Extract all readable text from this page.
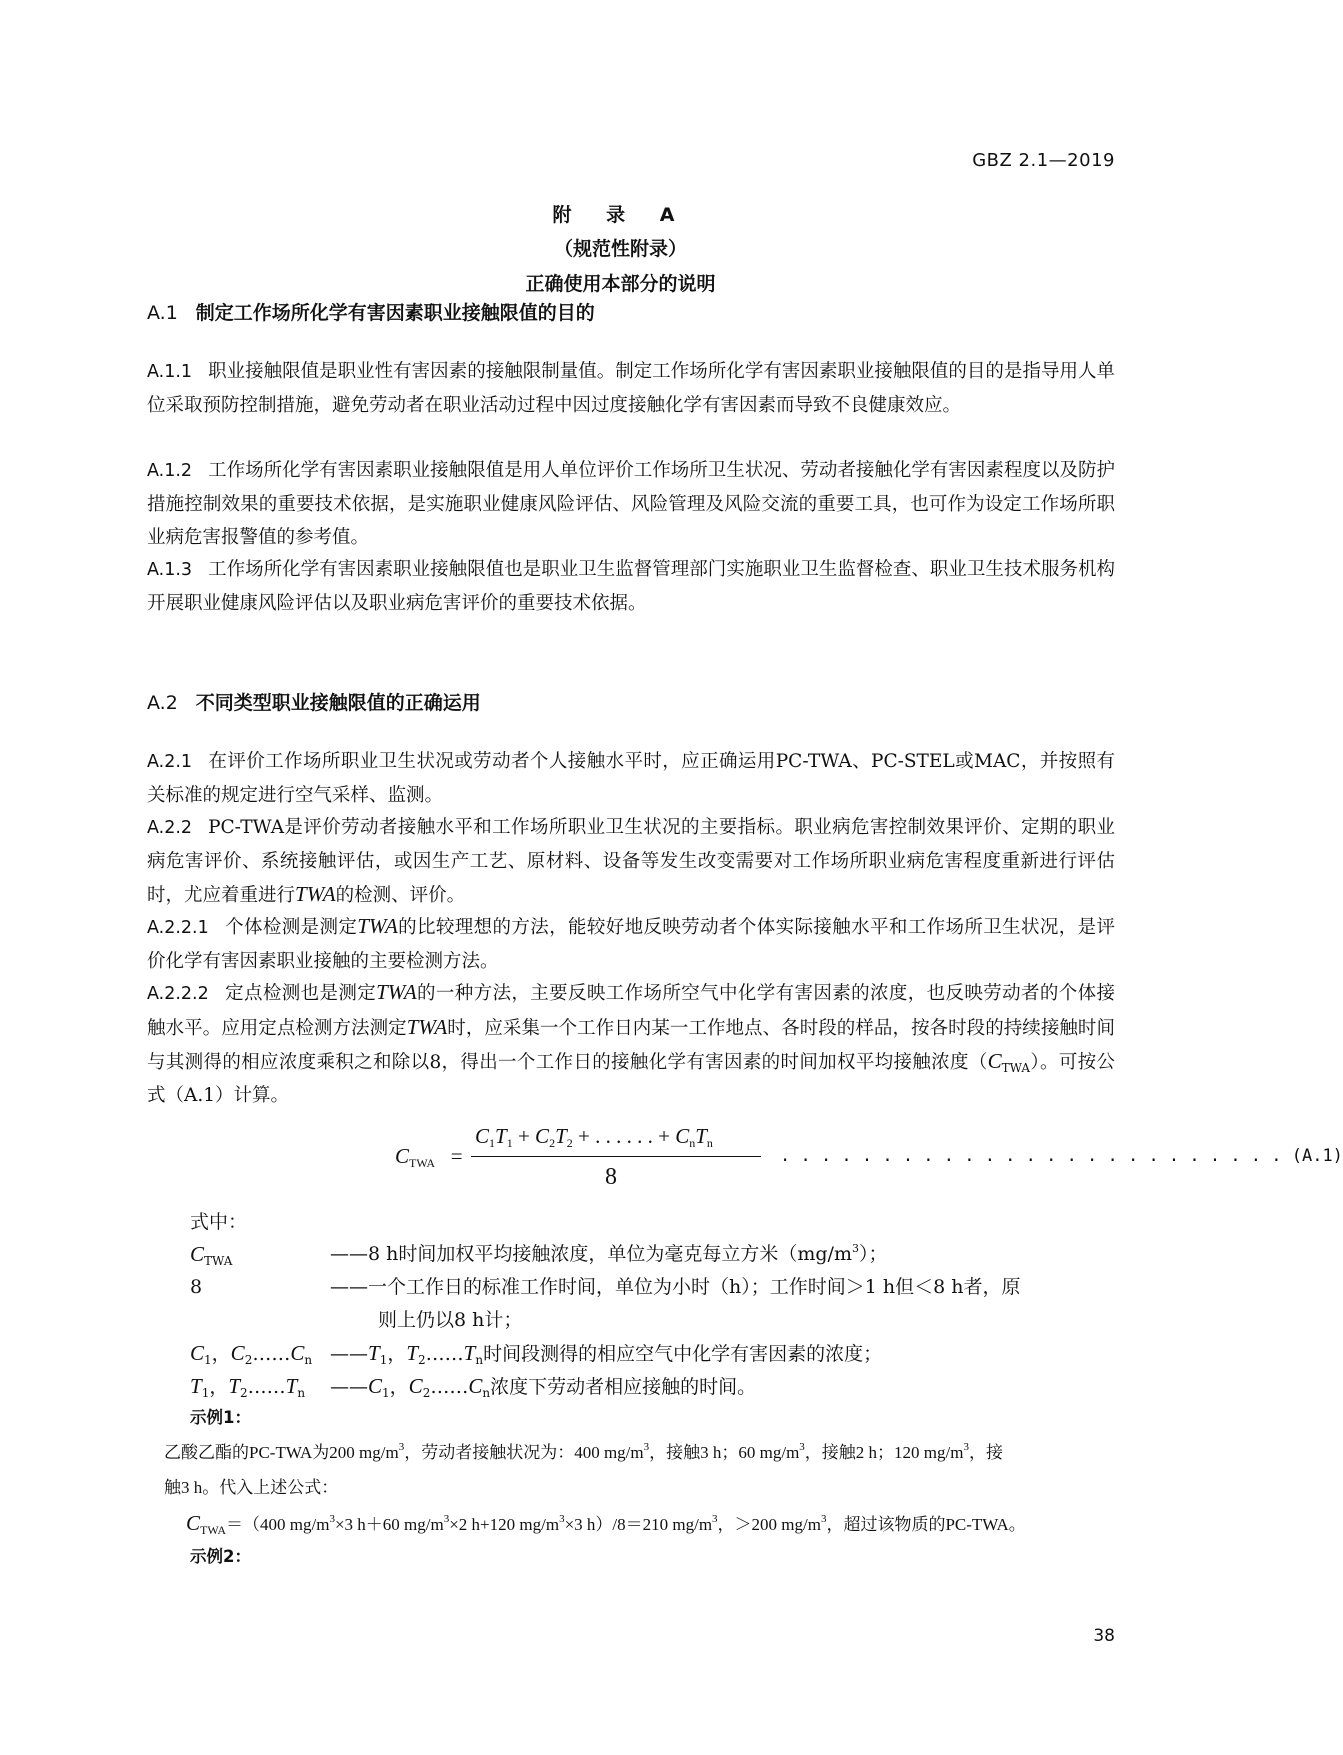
GBZ 2.1—2019
附 录 A
（规范性附录）
正确使用本部分的说明
A.1 制定工作场所化学有害因素职业接触限值的目的
A.1.1 职业接触限值是职业性有害因素的接触限制量值。制定工作场所化学有害因素职业接触限值的目的是指导用人单位采取预防控制措施，避免劳动者在职业活动过程中因过度接触化学有害因素而导致不良健康效应。
A.1.2 工作场所化学有害因素职业接触限值是用人单位评价工作场所卫生状况、劳动者接触化学有害因素程度以及防护措施控制效果的重要技术依据，是实施职业健康风险评估、风险管理及风险交流的重要工具，也可作为设定工作场所职业病危害报警值的参考值。
A.1.3 工作场所化学有害因素职业接触限值也是职业卫生监督管理部门实施职业卫生监督检查、职业卫生技术服务机构开展职业健康风险评估以及职业病危害评价的重要技术依据。
A.2 不同类型职业接触限值的正确运用
A.2.1 在评价工作场所职业卫生状况或劳动者个人接触水平时，应正确运用PC-TWA、PC-STEL或MAC，并按照有关标准的规定进行空气采样、监测。
A.2.2 PC-TWA是评价劳动者接触水平和工作场所职业卫生状况的主要指标。职业病危害控制效果评价、定期的职业病危害评价、系统接触评估，或因生产工艺、原材料、设备等发生改变需要对工作场所职业病危害程度重新进行评估时，尤应着重进行TWA的检测、评价。
A.2.2.1 个体检测是测定TWA的比较理想的方法，能较好地反映劳动者个体实际接触水平和工作场所卫生状况，是评价化学有害因素职业接触的主要检测方法。
A.2.2.2 定点检测也是测定TWA的一种方法，主要反映工作场所空气中化学有害因素的浓度，也反映劳动者的个体接触水平。应用定点检测方法测定TWA时，应采集一个工作日内某一工作地点、各时段的样品，按各时段的持续接触时间与其测得的相应浓度乘积之和除以8，得出一个工作日的接触化学有害因素的时间加权平均接触浓度$(C_{TWA})$。可按公式（A.1）计算。
$C_{TWA}$ =
$C_1T_1 + C_2T_2$ + . . . . . . + $C_nT_n$
8
. . . . . . . . . . . . . . . . . . . . . . . . . (A.1)
式中：
$C_{TWA}$	——8 h时间加权平均接触浓度，单位为毫克每立方米$(mg/m^3)$；
8	——一个工作日的标准工作时间，单位为小时（h）；工作时间＞1 h但＜8 h者，原
则上仍以8 h计；
$C_1$，$C_2\dots\dots C_n$ $——T_1$，$T_2\dots\dots T_n$时间段测得的相应空气中化学有害因素的浓度；
$T_1$，$T_2\dots\dots T_n$ $——C_1$，$C_2\dots\dots C_n$浓度下劳动者相应接触的时间。
示例1：
乙酸乙酯的PC-TWA为200 $mg/m^3$，劳动者接触状况为：400 $mg/m^3$，接触3 h；60 $mg/m^3$，接触2 h；120 $mg/m^3$，接
触3 h。代入上述公式：
$C_{TWA}=(400$ $mg/m^3\times 3$ h＋60 $mg/m^3\times 2$ h+120 $mg/m^3\times 3$ h）/8＝210 $mg/m^3$，＞200 $mg/m^3$，超过该物质的PC-TWA。
示例2：
38
